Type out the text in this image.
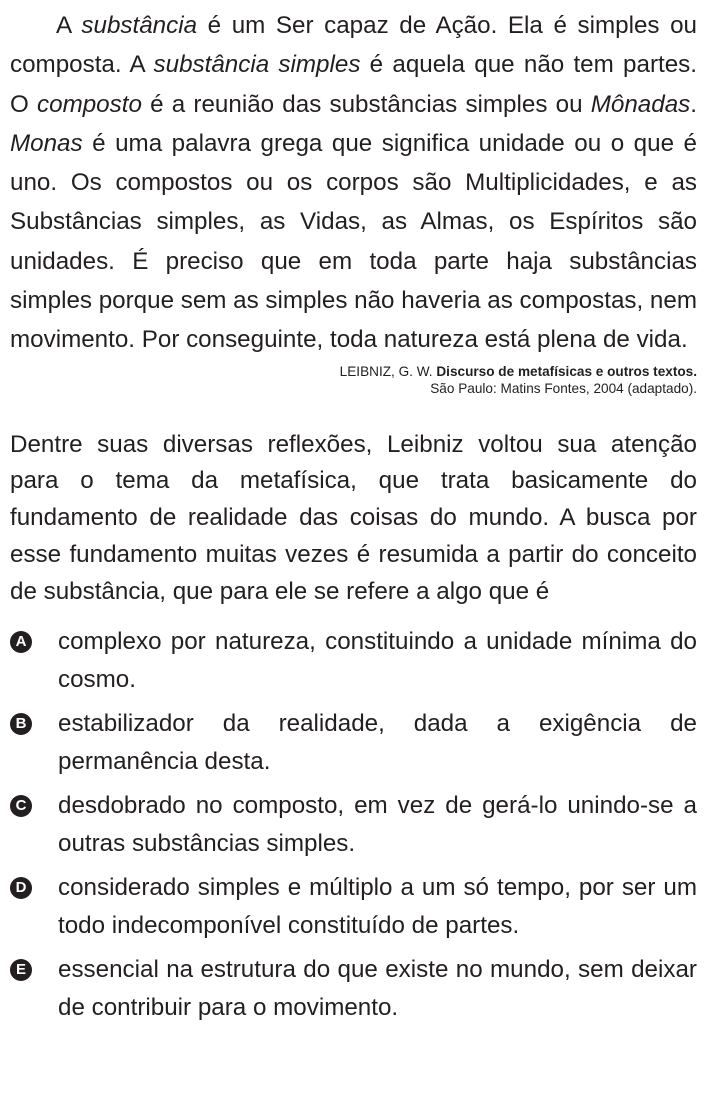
A substância é um Ser capaz de Ação. Ela é simples ou composta. A substância simples é aquela que não tem partes. O composto é a reunião das substâncias simples ou Mônadas. Monas é uma palavra grega que significa unidade ou o que é uno. Os compostos ou os corpos são Multiplicidades, e as Substâncias simples, as Vidas, as Almas, os Espíritos são unidades. É preciso que em toda parte haja substâncias simples porque sem as simples não haveria as compostas, nem movimento. Por conseguinte, toda natureza está plena de vida.

LEIBNIZ, G. W. Discurso de metafísicas e outros textos.
São Paulo: Matins Fontes, 2004 (adaptado).

Dentre suas diversas reflexões, Leibniz voltou sua atenção para o tema da metafísica, que trata basicamente do fundamento de realidade das coisas do mundo. A busca por esse fundamento muitas vezes é resumida a partir do conceito de substância, que para ele se refere a algo que é

A complexo por natureza, constituindo a unidade mínima do cosmo.
B estabilizador da realidade, dada a exigência de permanência desta.
C desdobrado no composto, em vez de gerá-lo unindo-se a outras substâncias simples.
D considerado simples e múltiplo a um só tempo, por ser um todo indecomponível constituído de partes.
E essencial na estrutura do que existe no mundo, sem deixar de contribuir para o movimento.
